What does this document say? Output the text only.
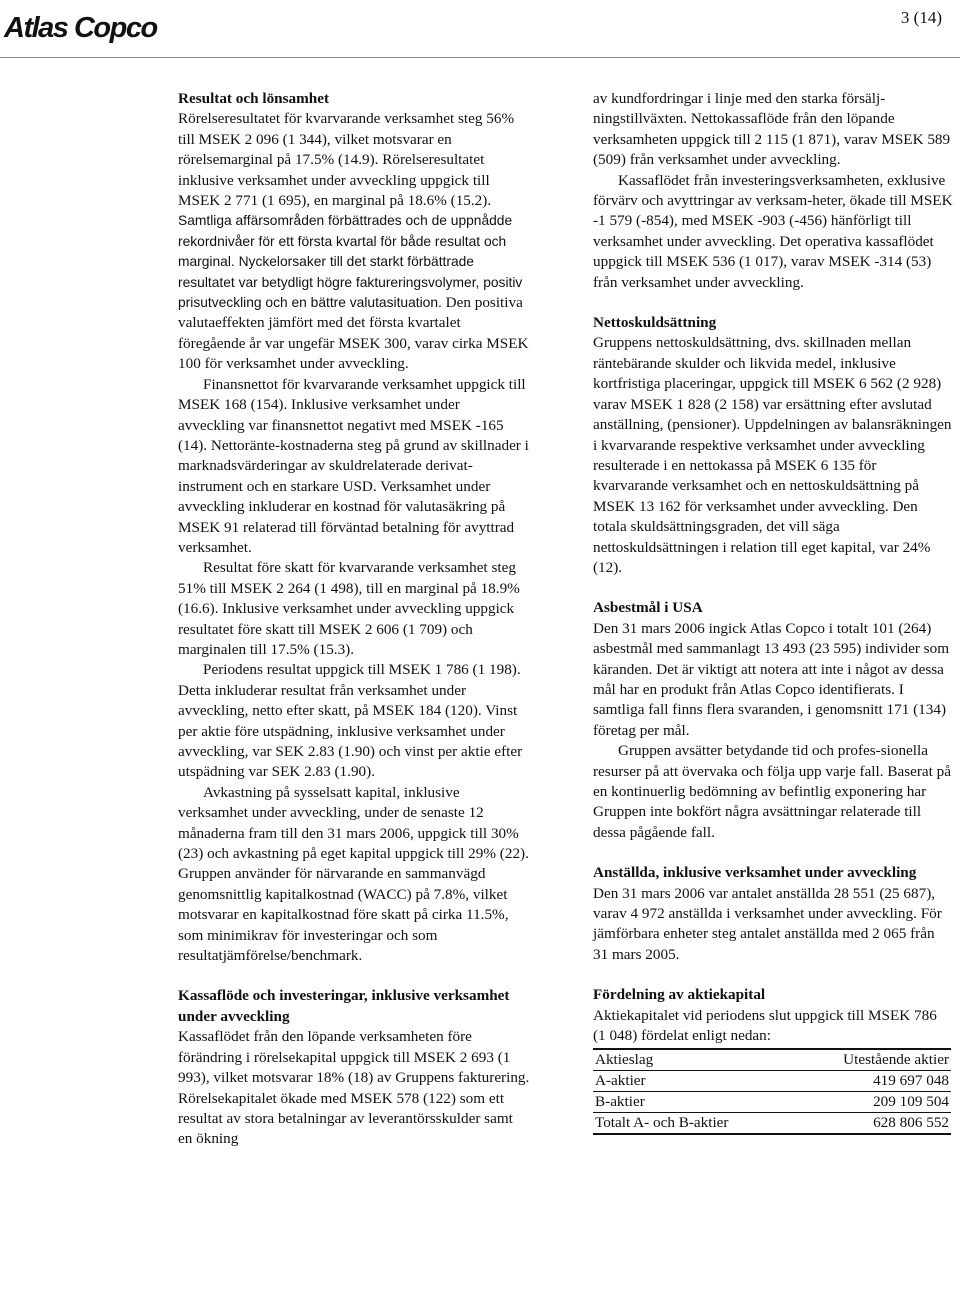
Atlas Copco	3 (14)
Resultat och lönsamhet

Rörelseresultatet för kvarvarande verksamhet steg 56% till MSEK 2 096 (1 344), vilket motsvarar en rörelsemarginal på 17.5% (14.9). Rörelseresultatet inklusive verksamhet under avveckling uppgick till MSEK 2 771 (1 695), en marginal på 18.6% (15.2). Samtliga affärsområden förbättrades och de uppnådde rekordnivåer för ett första kvartal för både resultat och marginal. Nyckelorsaker till det starkt förbättrade resultatet var betydligt högre faktureringsvolymer, positiv prisutveckling och en bättre valutasituation. Den positiva valutaeffekten jämfört med det första kvartalet föregående år var ungefär MSEK 300, varav cirka MSEK 100 för verksamhet under avveckling.

Finansnettot för kvarvarande verksamhet uppgick till MSEK 168 (154). Inklusive verksamhet under avveckling var finansnettot negativt med MSEK -165 (14). Nettoränte-kostnaderna steg på grund av skillnader i marknadsvärderingar av skuldrelaterade derivat-instrument och en starkare USD. Verksamhet under avveckling inkluderar en kostnad för valutasäkring på MSEK 91 relaterad till förväntad betalning för avyttrad verksamhet.

Resultat före skatt för kvarvarande verksamhet steg 51% till MSEK 2 264 (1 498), till en marginal på 18.9% (16.6). Inklusive verksamhet under avveckling uppgick resultatet före skatt till MSEK 2 606 (1 709) och marginalen till 17.5% (15.3).

Periodens resultat uppgick till MSEK 1 786 (1 198). Detta inkluderar resultat från verksamhet under avveckling, netto efter skatt, på MSEK 184 (120). Vinst per aktie före utspädning, inklusive verksamhet under avveckling, var SEK 2.83 (1.90) och vinst per aktie efter utspädning var SEK 2.83 (1.90).

Avkastning på sysselsatt kapital, inklusive verksamhet under avveckling, under de senaste 12 månaderna fram till den 31 mars 2006, uppgick till 30% (23) och avkastning på eget kapital uppgick till 29% (22). Gruppen använder för närvarande en sammanvägd genomsnittlig kapitalkostnad (WACC) på 7.8%, vilket motsvarar en kapitalkostnad före skatt på cirka 11.5%, som minimikrav för investeringar och som resultatjämförelse/benchmark.

Kassaflöde och investeringar, inklusive verksamhet under avveckling

Kassaflödet från den löpande verksamheten före förändring i rörelsekapital uppgick till MSEK 2 693 (1 993), vilket motsvarar 18% (18) av Gruppens fakturering. Rörelsekapitalet ökade med MSEK 578 (122) som ett resultat av stora betalningar av leverantörsskulder samt en ökning

av kundfordringar i linje med den starka försälj-ningstillväxten. Nettokassaflöde från den löpande verksamheten uppgick till 2 115 (1 871), varav MSEK 589 (509) från verksamhet under avveckling.

Kassaflödet från investeringsverksamheten, exklusive förvärv och avyttringar av verksam-heter, ökade till MSEK -1 579 (-854), med MSEK -903 (-456) hänförligt till verksamhet under avveckling. Det operativa kassaflödet uppgick till MSEK 536 (1 017), varav MSEK -314 (53) från verksamhet under avveckling.

Nettoskuldsättning

Gruppens nettoskuldsättning, dvs. skillnaden mellan räntebärande skulder och likvida medel, inklusive kortfristiga placeringar, uppgick till MSEK 6 562 (2 928) varav MSEK 1 828 (2 158) var ersättning efter avslutad anställning, (pensioner). Uppdelningen av balansräkningen i kvarvarande respektive verksamhet under avveckling resulterade i en nettokassa på MSEK 6 135 för kvarvarande verksamhet och en nettoskuldsättning på MSEK 13 162 för verksamhet under avveckling. Den totala skuldsättningsgraden, det vill säga nettoskuldsättningen i relation till eget kapital, var 24% (12).

Asbestmål i USA

Den 31 mars 2006 ingick Atlas Copco i totalt 101 (264) asbestmål med sammanlagt 13 493 (23 595) individer som käranden. Det är viktigt att notera att inte i något av dessa mål har en produkt från Atlas Copco identifierats. I samtliga fall finns flera svaranden, i genomsnitt 171 (134) företag per mål.

Gruppen avsätter betydande tid och profes-sionella resurser på att övervaka och följa upp varje fall. Baserat på en kontinuerlig bedömning av befintlig exponering har Gruppen inte bokfört några avsättningar relaterade till dessa pågående fall.

Anställda, inklusive verksamhet under avveckling

Den 31 mars 2006 var antalet anställda 28 551 (25 687), varav 4 972 anställda i verksamhet under avveckling. För jämförbara enheter steg antalet anställda med 2 065 från 31 mars 2005.

Fördelning av aktiekapital

Aktiekapitalet vid periodens slut uppgick till MSEK 786 (1 048) fördelat enligt nedan:

Aktieslag	Utestående aktier
A-aktier	419 697 048
B-aktier	209 109 504
Totalt A- och B-aktier	628 806 552
